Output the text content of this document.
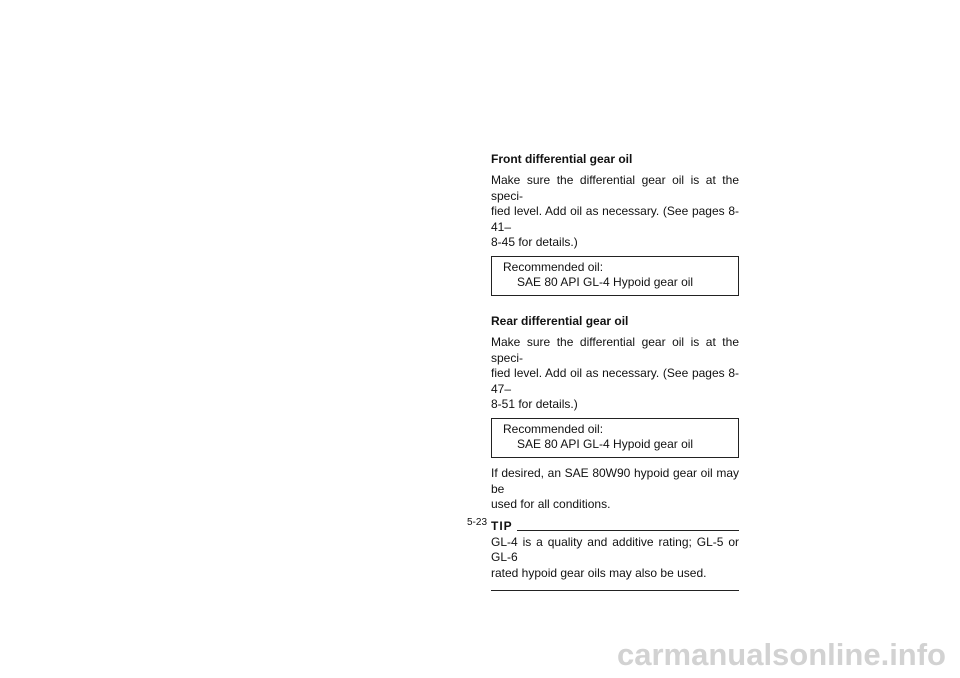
Front differential gear oil

Make sure the differential gear oil is at the speci-
fied level. Add oil as necessary. (See pages 8-41–
8-45 for details.)

Recommended oil:
SAE 80 API GL-4 Hypoid gear oil
Rear differential gear oil

Make sure the differential gear oil is at the speci-
fied level. Add oil as necessary. (See pages 8-47–
8-51 for details.)

Recommended oil:
SAE 80 API GL-4 Hypoid gear oil

If desired, an SAE 80W90 hypoid gear oil may be
used for all conditions.

TIP

GL-4 is a quality and additive rating; GL-5 or GL-6
rated hypoid gear oils may also be used.

5-23
carmanualsonline.info
